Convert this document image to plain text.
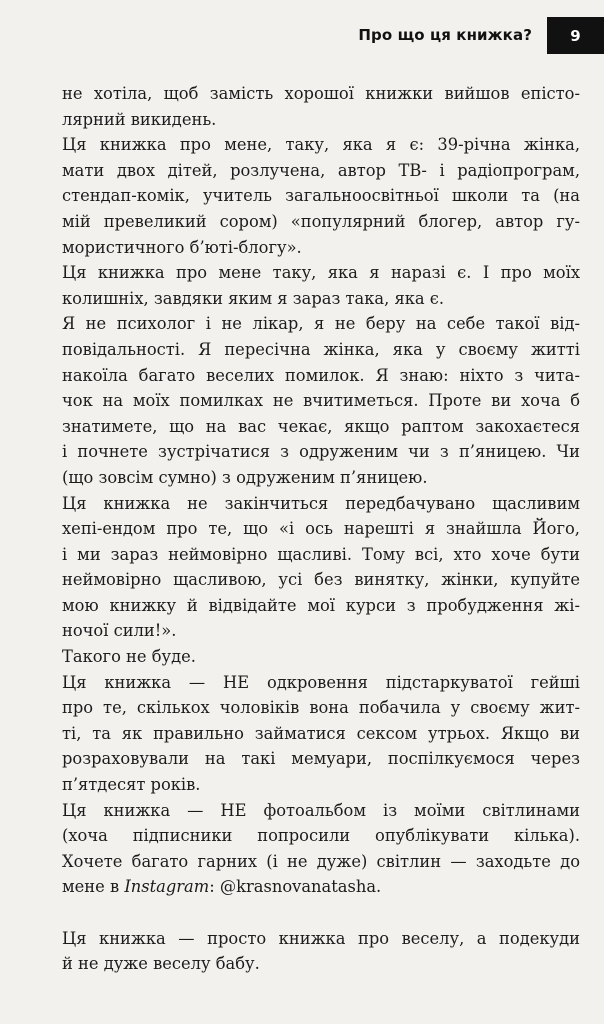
Про що ця книжка?	9

не хотіла, щоб замість хорошої книжки вийшов епісто-
лярний викидень.

Ця книжка про мене, таку, яка я є: 39-річна жінка,
мати двох дітей, розлучена, автор ТВ- і радіопрограм,
стендап-комік, учитель загальноосвітньої школи та (на
мій превеликий сором) «популярний блогер, автор гу-
мористичного б’юті-блогу».

Ця книжка про мене таку, яка я наразі є. І про моїх
колишніх, завдяки яким я зараз така, яка є.

Я не психолог і не лікар, я не беру на себе такої від-
повідальності. Я пересічна жінка, яка у своєму житті
накоїла багато веселих помилок. Я знаю: ніхто з чита-
чок на моїх помилках не вчитиметься. Проте ви хоча б
знатимете, що на вас чекає, якщо раптом закохаєтеся
і почнете зустрічатися з одруженим чи з п’яницею. Чи
(що зовсім сумно) з одруженим п’яницею.

Ця книжка не закінчиться передбачувано щасливим
хепі-ендом про те, що «і ось нарешті я знайшла Його,
і ми зараз неймовірно щасливі. Тому всі, хто хоче бути
неймовірно щасливою, усі без винятку, жінки, купуйте
мою книжку й відвідайте мої курси з пробудження жі-
ночої сили!».

Такого не буде.

Ця книжка — НЕ одкровення підстаркуватої гейші
про те, скількох чоловіків вона побачила у своєму жит-
ті, та як правильно займатися сексом утрьох. Якщо ви
розраховували на такі мемуари, поспілкуємося через
п’ятдесят років.

Ця книжка — НЕ фотоальбом із моїми світлинами
(хоча підписники попросили опублікувати кілька).
Хочете багато гарних (і не дуже) світлин — заходьте до
мене в Instagram: @krasnovanatasha.

Ця книжка — просто книжка про веселу, а подекуди
й не дуже веселу бабу.
